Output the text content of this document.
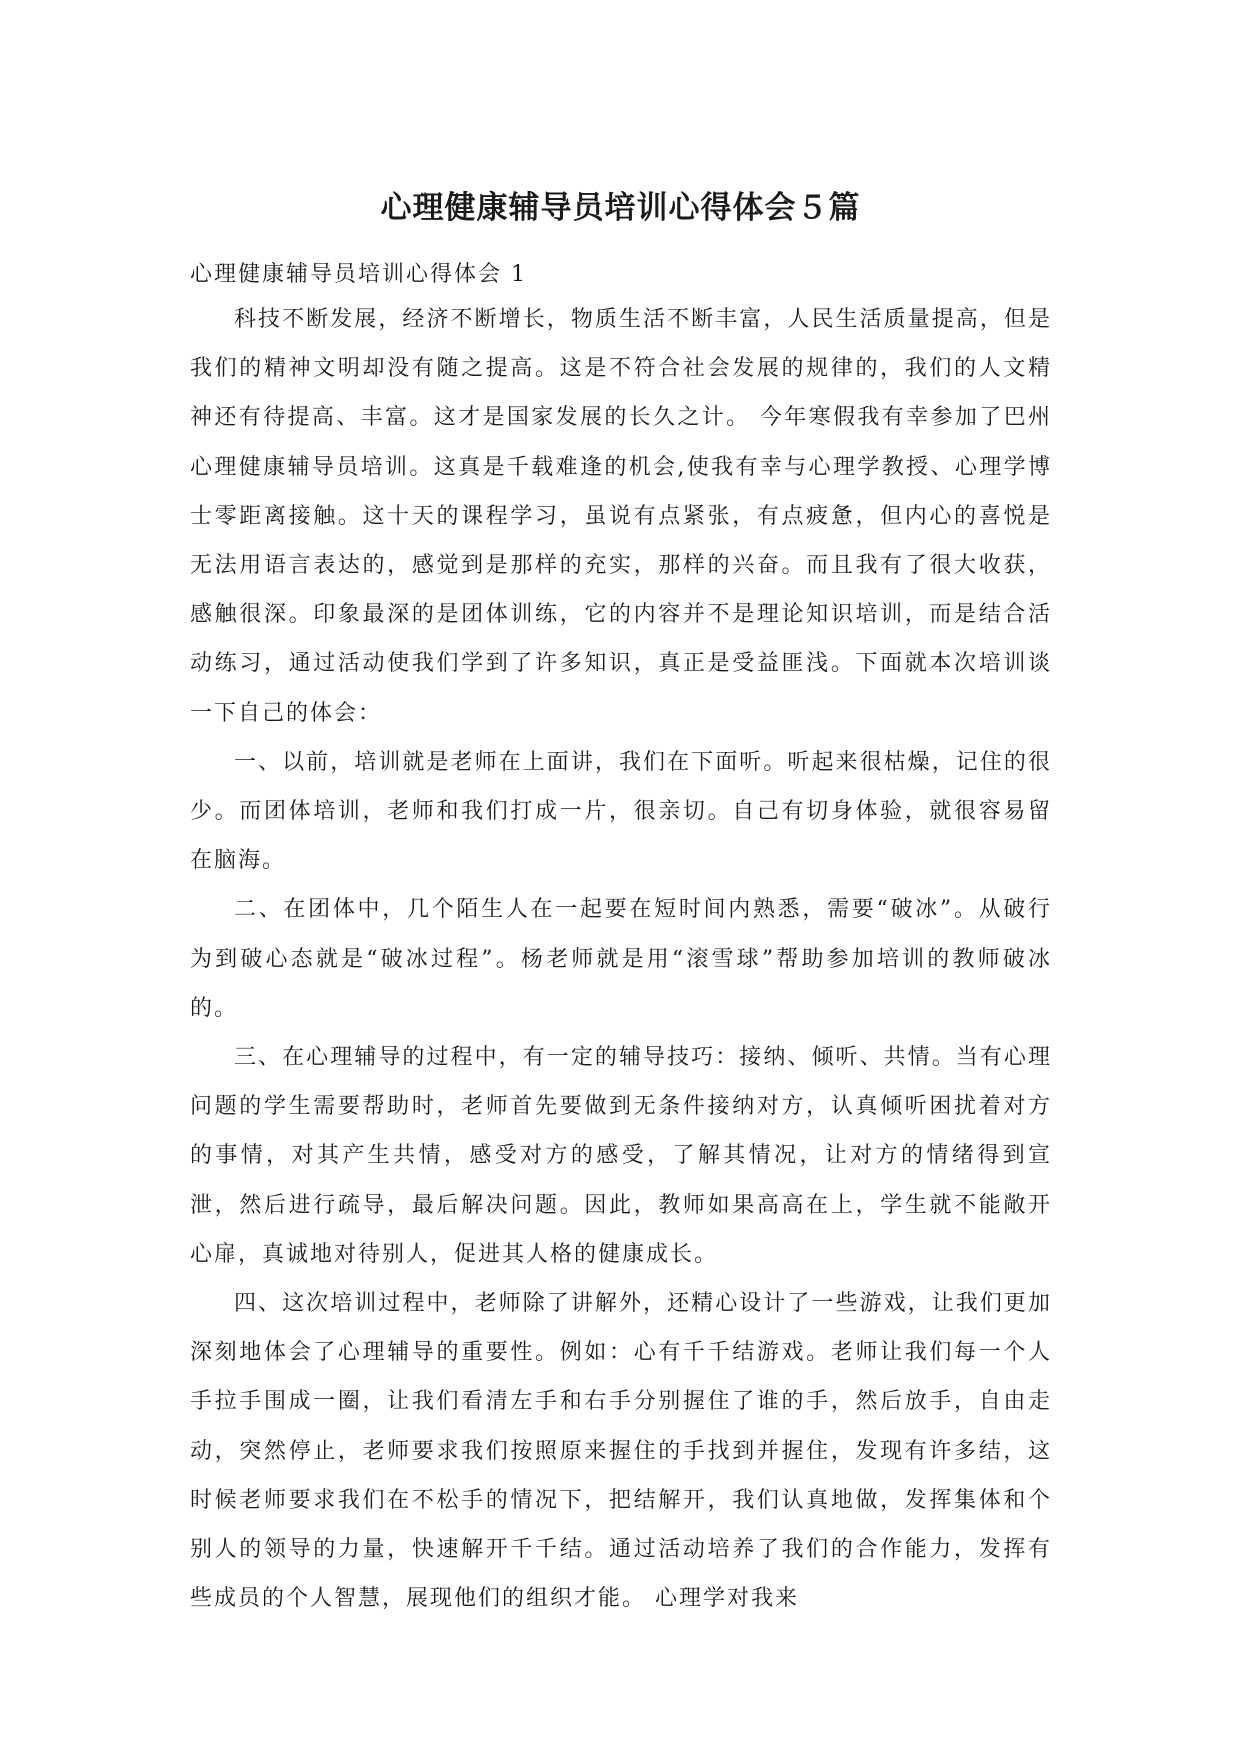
心理健康辅导员培训心得体会５篇
心理健康辅导员培训心得体会 1

科技不断发展，经济不断增长，物质生活不断丰富，人民生活质量提高，但是我们的精神文明却没有随之提高。这是不符合社会发展的规律的，我们的人文精神还有待提高、丰富。这才是国家发展的长久之计。 今年寒假我有幸参加了巴州心理健康辅导员培训。这真是千载难逢的机会,使我有幸与心理学教授、心理学博士零距离接触。这十天的课程学习，虽说有点紧张，有点疲惫，但内心的喜悦是无法用语言表达的，感觉到是那样的充实，那样的兴奋。而且我有了很大收获，感触很深。印象最深的是团体训练，它的内容并不是理论知识培训，而是结合活动练习，通过活动使我们学到了许多知识，真正是受益匪浅。下面就本次培训谈一下自己的体会：

一、以前，培训就是老师在上面讲，我们在下面听。听起来很枯燥，记住的很少。而团体培训，老师和我们打成一片，很亲切。自己有切身体验，就很容易留在脑海。

二、在团体中，几个陌生人在一起要在短时间内熟悉，需要“破冰”。从破行为到破心态就是“破冰过程”。杨老师就是用“滚雪球”帮助参加培训的教师破冰的。

三、在心理辅导的过程中，有一定的辅导技巧：接纳、倾听、共情。当有心理问题的学生需要帮助时，老师首先要做到无条件接纳对方，认真倾听困扰着对方的事情，对其产生共情，感受对方的感受，了解其情况，让对方的情绪得到宣泄，然后进行疏导，最后解决问题。因此，教师如果高高在上，学生就不能敞开心扉，真诚地对待别人，促进其人格的健康成长。

四、这次培训过程中，老师除了讲解外，还精心设计了一些游戏，让我们更加深刻地体会了心理辅导的重要性。例如：心有千千结游戏。老师让我们每一个人手拉手围成一圈，让我们看清左手和右手分别握住了谁的手，然后放手，自由走动，突然停止，老师要求我们按照原来握住的手找到并握住，发现有许多结，这时候老师要求我们在不松手的情况下，把结解开，我们认真地做，发挥集体和个别人的领导的力量，快速解开千千结。通过活动培养了我们的合作能力，发挥有些成员的个人智慧，展现他们的组织才能。 心理学对我来
